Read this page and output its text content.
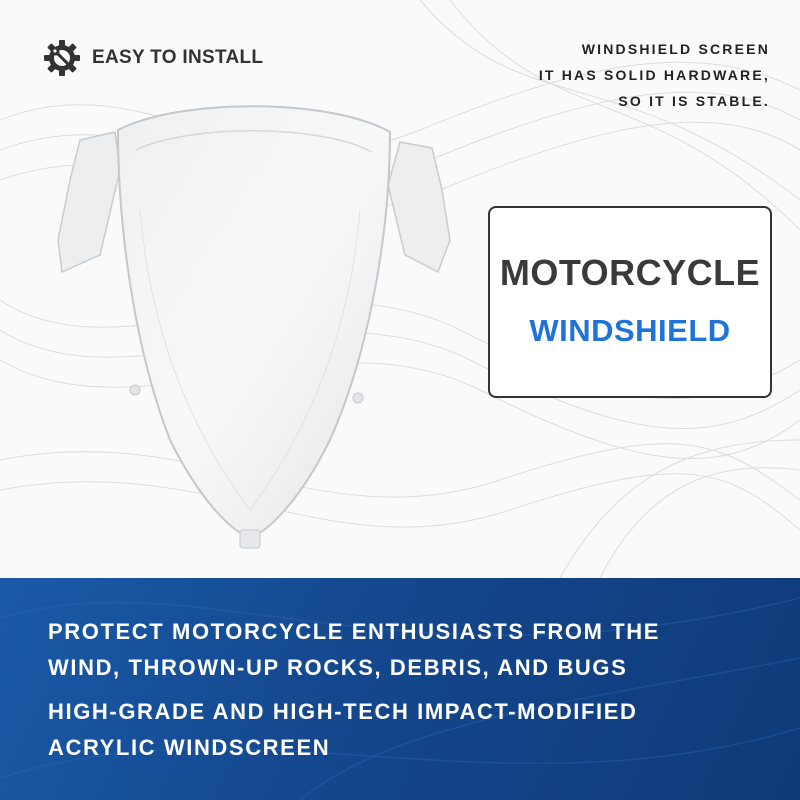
EASY TO INSTALL	WINDSHIELD SCREEN
IT HAS SOLID HARDWARE,
SO IT IS STABLE.
MOTORCYCLE
WINDSHIELD
PROTECT MOTORCYCLE ENTHUSIASTS FROM THE
WIND, THROWN-UP ROCKS, DEBRIS, AND BUGS
HIGH-GRADE AND HIGH-TECH IMPACT-MODIFIED
ACRYLIC WINDSCREEN
